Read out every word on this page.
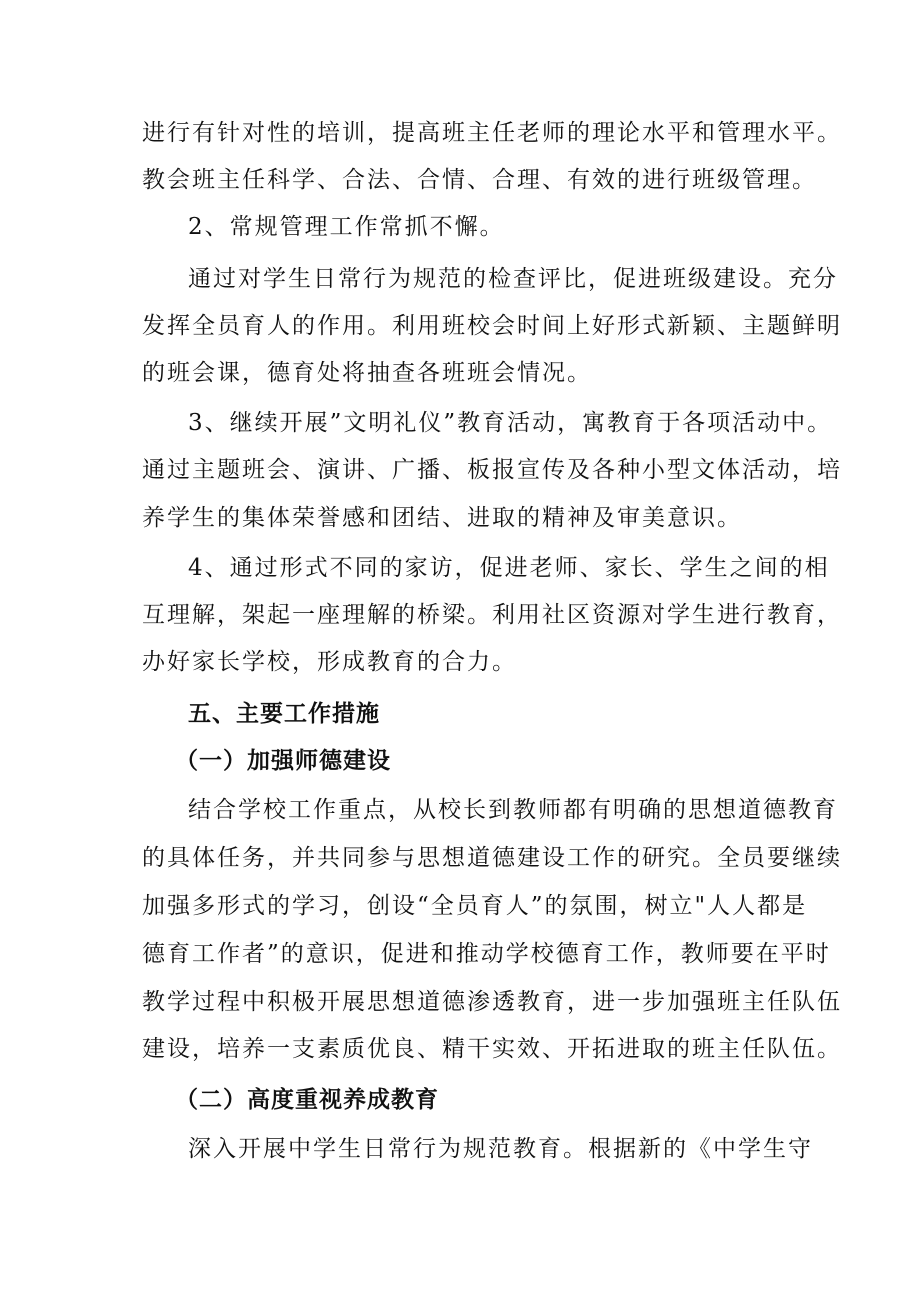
进行有针对性的培训，提高班主任老师的理论水平和管理水平。

教会班主任科学、合法、合情、合理、有效的进行班级管理。

2、常规管理工作常抓不懈。

通过对学生日常行为规范的检查评比，促进班级建设。充分

发挥全员育人的作用。利用班校会时间上好形式新颖、主题鲜明

的班会课，德育处将抽查各班班会情况。

3、继续开展”文明礼仪”教育活动，寓教育于各项活动中。

通过主题班会、演讲、广播、板报宣传及各种小型文体活动，培

养学生的集体荣誉感和团结、进取的精神及审美意识。

4、通过形式不同的家访，促进老师、家长、学生之间的相

互理解，架起一座理解的桥梁。利用社区资源对学生进行教育，

办好家长学校，形成教育的合力。

五、主要工作措施

（一）加强师德建设

结合学校工作重点，从校长到教师都有明确的思想道德教育

的具体任务，并共同参与思想道德建设工作的研究。全员要继续

加强多形式的学习，创设“全员育人”的氛围，树立"人人都是

德育工作者”的意识，促进和推动学校德育工作，教师要在平时

教学过程中积极开展思想道德渗透教育，进一步加强班主任队伍

建设，培养一支素质优良、精干实效、开拓进取的班主任队伍。

（二）高度重视养成教育

深入开展中学生日常行为规范教育。根据新的《中学生守
